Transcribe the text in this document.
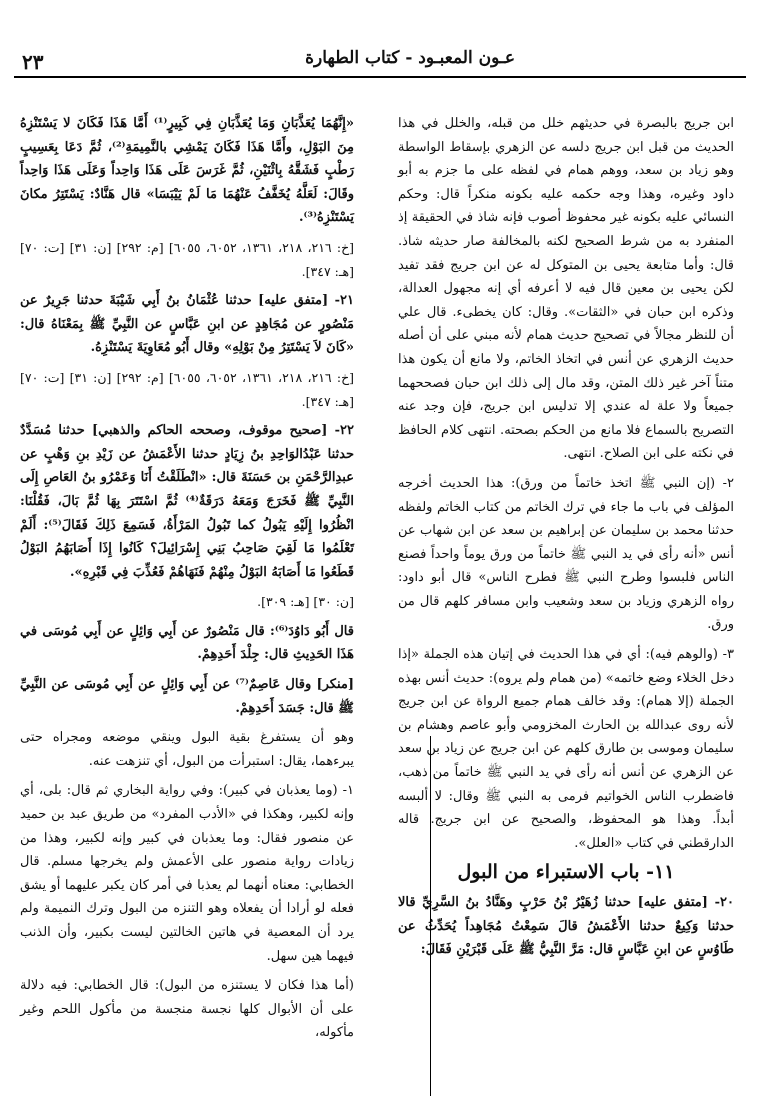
٢٣	عـون المعبـود - كتاب الطهارة

ابن جريج بالبصرة في حديثهم خلل من قبله، والخلل في هذا الحديث من قبل ابن جريج دلسه عن الزهري بإسقاط الواسطة وهو زياد بن سعد، ووهم همام في لفظه على ما جزم به أبو داود وغيره، وهذا وجه حكمه عليه بكونه منكراً قال: وحكم النسائي عليه بكونه غير محفوظ أصوب فإنه شاذ في الحقيقة إذ المنفرد به من شرط الصحيح لكنه بالمخالفة صار حديثه شاذ. قال: وأما متابعة يحيى بن المتوكل له عن ابن جريج فقد تفيد لكن يحيى بن معين قال فيه لا أعرفه أي إنه مجهول العدالة، وذكره ابن حبان في «الثقات». وقال: كان يخطىء. قال علي أن للنظر مجالاً في تصحيح حديث همام لأنه مبني على أن أصله حديث الزهري عن أنس في اتخاذ الخاتم، ولا مانع أن يكون هذا متناً آخر غير ذلك المتن، وقد مال إلى ذلك ابن حبان فصححهما جميعاً ولا علة له عندي إلا تدليس ابن جريج، فإن وجد عنه التصريح بالسماع فلا مانع من الحكم بصحته. انتهى كلام الحافظ في نكته على ابن الصلاح. انتهى.

٢- (إن النبي ﷺ اتخذ خاتماً من ورق): هذا الحديث أخرجه المؤلف في باب ما جاء في ترك الخاتم من كتاب الخاتم ولفظه حدثنا محمد بن سليمان عن إبراهيم بن سعد عن ابن شهاب عن أنس «أنه رأى في يد النبي ﷺ خاتماً من ورق يوماً واحداً فصنع الناس فلبسوا وطرح النبي ﷺ فطرح الناس» قال أبو داود: رواه الزهري وزياد بن سعد وشعيب وابن مسافر كلهم قال من ورق.

٣- (والوهم فيه): أي في هذا الحديث في إتيان هذه الجملة «إذا دخل الخلاء وضع خاتمه» (من همام ولم يروه): حديث أنس بهذه الجملة (إلا همام): وقد خالف همام جميع الرواة عن ابن جريج لأنه روى عبدالله بن الحارث المخزومي وأبو عاصم وهشام بن سليمان وموسى بن طارق كلهم عن ابن جريج عن زياد بن سعد عن الزهري عن أنس أنه رأى في يد النبي ﷺ خاتماً من ذهب، فاضطرب الناس الخواتيم فرمى به النبي ﷺ وقال: لا ألبسه أبداً. وهذا هو المحفوظ، والصحيح عن ابن جريج. قاله الدارقطني في كتاب «العلل».

١١- باب الاستبراء من البول

٢٠- [متفق عليه] حدثنا زُهَيْرُ بْنُ حَرْبٍ وهَنَّادُ بنُ السَّرِيِّ قالا حدثنا وَكِيعٌ حدثنا الأَعْمَشُ قالَ سَمِعْتُ مُجَاهِداً يُحَدِّثُ عن طَاوُسٍ عن ابنِ عَبَّاسٍ قال: مَرَّ النَّبِيُّ ﷺ عَلَى قَبْرَيْنِ فَقَالَ:

«إِنَّهُمَا يُعَذَّبَانِ وَمَا يُعَذَّبَانِ فِي كَبِيرٍ⁽¹⁾ أَمَّا هَذَا فَكَانَ لا يَسْتَنْزِهُ مِنَ البَوْلِ، وأَمَّا هَذَا فَكَانَ يَمْشِي بالنَّمِيمَةِ⁽²⁾، ثُمَّ دَعَا بِعَسِيبٍ رَطْبٍ فَشَقَّهُ بِاثْنَيْنِ، ثُمَّ غَرَسَ عَلَى هَذَا وَاحِداً وَعَلَى هَذَا وَاحِداً وقَالَ: لَعَلَّهُ يُخَفَّفُ عَنْهُمَا مَا لَمْ يَيْبَسَا» قال هَنَّادٌ: يَسْتَتِرُ مكانَ يَسْتَنْزِهُ⁽³⁾.

[خ: ٢١٦، ٢١٨، ١٣٦١، ٦٠٥٢، ٦٠٥٥] [م: ٢٩٢] [ن: ٣١] [ت: ٧٠] [هـ: ٣٤٧].

٢١- [متفق عليه] حدثنا عُثْمَانُ بنُ أَبِي شَيْبَةَ حدثنا جَرِيرٌ عن مَنْصُورٍ عن مُجَاهِدٍ عن ابنِ عَبَّاسٍ عن النَّبِيِّ ﷺ بِمَعْنَاهُ قال: «كَانَ لاَ يَسْتَتِرُ مِنْ بَوْلِهِ» وقال أَبُو مُعَاوِيَةَ يَسْتَنْزِهُ.

[خ: ٢١٦، ٢١٨، ١٣٦١، ٦٠٥٢، ٦٠٥٥] [م: ٢٩٢] [ن: ٣١] [ت: ٧٠] [هـ: ٣٤٧].

٢٢- [صحيح موقوف، وصححه الحاكم والذهبي] حدثنا مُسَدَّدٌ حدثنا عَبْدُالوَاحِدِ بنُ زِيَادٍ حدثنا الأَعْمَشُ عن زَيْدِ بنِ وَهْبٍ عن عبدِالرَّحْمَنِ بن حَسَنَةَ قال: «انْطَلَقْتُ أَنَا وَعَمْرُو بنُ العَاصِ إِلَى النَّبِيِّ ﷺ فَخَرَجَ وَمَعَهُ دَرَقَةٌ⁽⁴⁾ ثُمَّ اسْتَتَرَ بِهَا ثُمَّ بَالَ، فَقُلْنَا: انْظُرُوا إِلَيْهِ يَبُولُ كما تَبُولُ المَرْأَةُ، فَسَمِعَ ذَلِكَ فَقَالَ⁽⁵⁾: أَلَمْ تَعْلَمُوا مَا لَقِيَ صَاحِبُ بَنِي إِسْرَائِيلَ؟ كَانُوا إِذَا أَصَابَهُمُ البَوْلُ قَطَعُوا مَا أَصَابَهُ البَوْلُ مِنْهُمْ فَنَهَاهُمْ فَعُذِّبَ فِي قَبْرِهِ».

[ن: ٣٠] [هـ: ٣٠٩].

قال أَبُو دَاوُدَ⁽⁶⁾: قال مَنْصُورٌ عن أَبِي وَائِلٍ عن أَبِي مُوسَى في هَذَا الحَدِيثِ قال: جِلْدَ أَحَدِهِمْ.

[منكر] وقال عَاصِمٌ⁽⁷⁾ عن أَبِي وَائِلٍ عن أَبِي مُوسَى عن النَّبِيِّ ﷺ قال: جَسَدَ أَحَدِهِمْ.

وهو أن يستفرغ بقية البول وينقي موضعه ومجراه حتى يبرءهما، يقال: استبرأت من البول، أي تنزهت عنه.

١- (وما يعذبان في كبير): وفي رواية البخاري ثم قال: بلى، أي وإنه لكبير، وهكذا في «الأدب المفرد» من طريق عبد بن حميد عن منصور فقال: وما يعذبان في كبير وإنه لكبير، وهذا من زيادات رواية منصور على الأعمش ولم يخرجها مسلم. قال الخطابي: معناه أنهما لم يعذبا في أمر كان يكبر عليهما أو يشق فعله لو أرادا أن يفعلاه وهو التنزه من البول وترك النميمة ولم يرد أن المعصية في هاتين الخالتين ليست بكبير، وأن الذنب فيهما هين سهل.

(أما هذا فكان لا يستنزه من البول): قال الخطابي: فيه دلالة على أن الأبوال كلها نجسة منجسة من مأكول اللحم وغير مأكوله،
